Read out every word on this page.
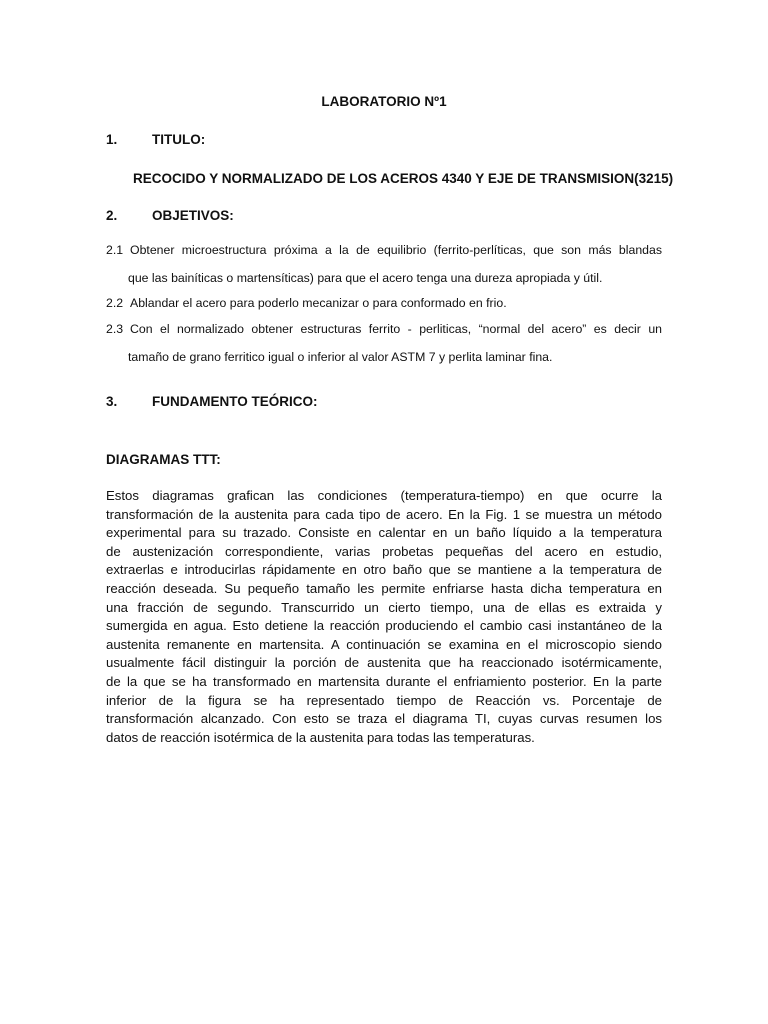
LABORATORIO Nº1
1.	TITULO:
RECOCIDO Y NORMALIZADO DE LOS ACEROS 4340 Y EJE DE TRANSMISION(3215)
2.	OBJETIVOS:
2.1 Obtener microestructura próxima a la de equilibrio (ferrito-perlíticas, que son más blandas
que las bainíticas o martensíticas) para que el acero tenga una dureza apropiada y útil.
2.2 Ablandar el acero para poderlo mecanizar o para conformado en frio.
2.3 Con el normalizado obtener estructuras ferrito - perliticas, “normal del acero” es decir un
tamaño de grano ferritico igual o inferior al valor ASTM 7 y perlita laminar fina.
3.	FUNDAMENTO TEÓRICO:
DIAGRAMAS TTT:
Estos diagramas grafican las condiciones (temperatura-tiempo) en que ocurre la
transformación de la austenita para cada tipo de acero. En la Fig. 1 se muestra un método
experimental para su trazado. Consiste en calentar en un baño líquido a la temperatura
de austenización correspondiente, varias probetas pequeñas del acero en estudio,
extraerlas e introducirlas rápidamente en otro baño que se mantiene a la temperatura de
reacción deseada. Su pequeño tamaño les permite enfriarse hasta dicha temperatura en
una fracción de segundo. Transcurrido un cierto tiempo, una de ellas es extraida y
sumergida en agua. Esto detiene la reacción produciendo el cambio casi instantáneo de la
austenita remanente en martensita. A continuación se examina en el microscopio siendo
usualmente fácil distinguir la porción de austenita que ha reaccionado isotérmicamente,
de la que se ha transformado en martensita durante el enfriamiento posterior. En la parte
inferior de la figura se ha representado tiempo de Reacción vs. Porcentaje de
transformación alcanzado. Con esto se traza el diagrama TI, cuyas curvas resumen los
datos de reacción isotérmica de la austenita para todas las temperaturas.
